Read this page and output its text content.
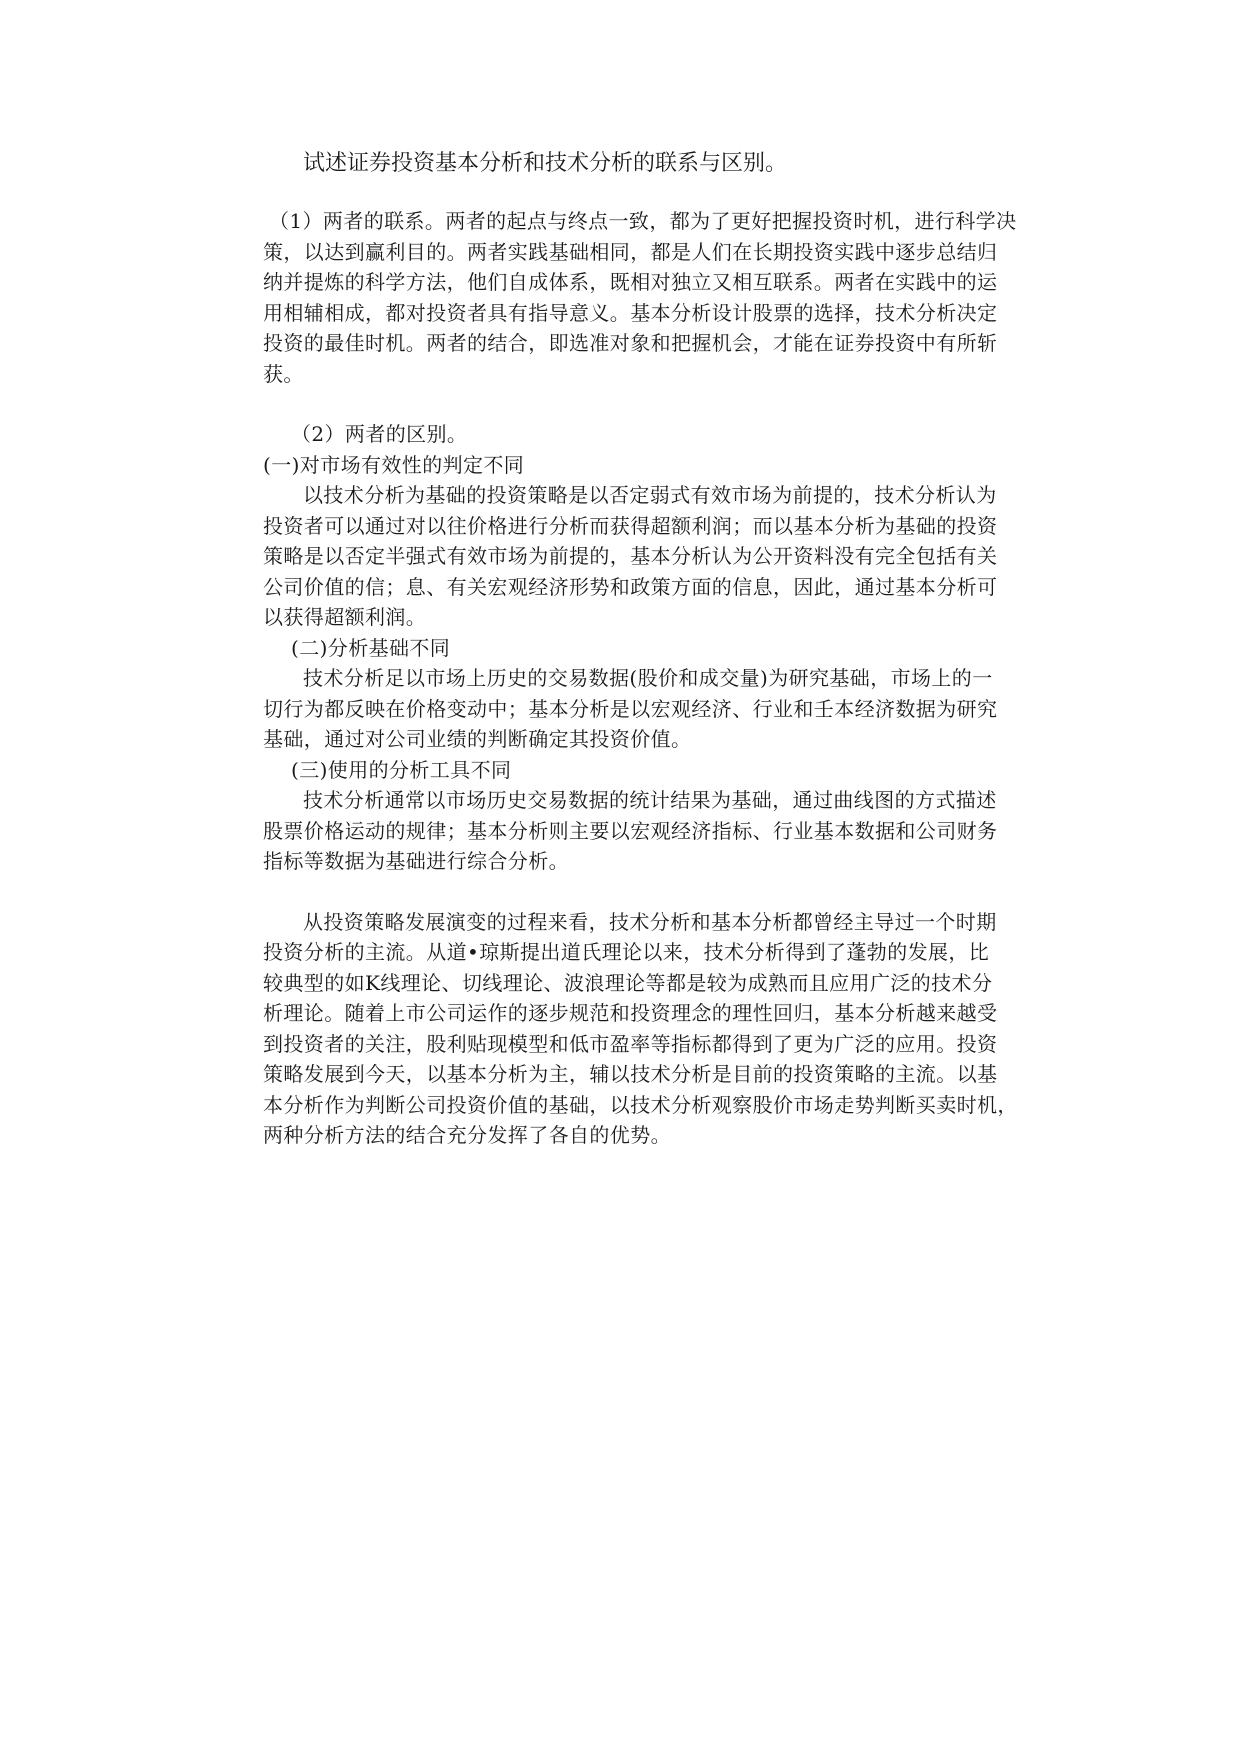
试述证券投资基本分析和技术分析的联系与区别。

（1）两者的联系。两者的起点与终点一致，都为了更好把握投资时机，进行科学决

策，以达到赢利目的。两者实践基础相同，都是人们在长期投资实践中逐步总结归

纳并提炼的科学方法，他们自成体系，既相对独立又相互联系。两者在实践中的运

用相辅相成，都对投资者具有指导意义。基本分析设计股票的选择，技术分析决定

投资的最佳时机。两者的结合，即选准对象和把握机会，才能在证券投资中有所斩

获。

（2）两者的区别。

(一)对市场有效性的判定不同

以技术分析为基础的投资策略是以否定弱式有效市场为前提的，技术分析认为

投资者可以通过对以往价格进行分析而获得超额利润；而以基本分析为基础的投资

策略是以否定半强式有效市场为前提的，基本分析认为公开资料没有完全包括有关

公司价值的信；息、有关宏观经济形势和政策方面的信息，因此，通过基本分析可

以获得超额利润。

(二)分析基础不同

技术分析足以市场上历史的交易数据(股价和成交量)为研究基础，市场上的一

切行为都反映在价格变动中；基本分析是以宏观经济、行业和壬本经济数据为研究

基础，通过对公司业绩的判断确定其投资价值。

(三)使用的分析工具不同

技术分析通常以市场历史交易数据的统计结果为基础，通过曲线图的方式描述

股票价格运动的规律；基本分析则主要以宏观经济指标、行业基本数据和公司财务

指标等数据为基础进行综合分析。

从投资策略发展演变的过程来看，技术分析和基本分析都曾经主导过一个时期

投资分析的主流。从道•琼斯提出道氏理论以来，技术分析得到了蓬勃的发展，比

较典型的如K线理论、切线理论、波浪理论等都是较为成熟而且应用广泛的技术分

析理论。随着上市公司运作的逐步规范和投资理念的理性回归，基本分析越来越受

到投资者的关注，股利贴现模型和低市盈率等指标都得到了更为广泛的应用。投资

策略发展到今天，以基本分析为主，辅以技术分析是目前的投资策略的主流。以基

本分析作为判断公司投资价值的基础，以技术分析观察股价市场走势判断买卖时机，

两种分析方法的结合充分发挥了各自的优势。
